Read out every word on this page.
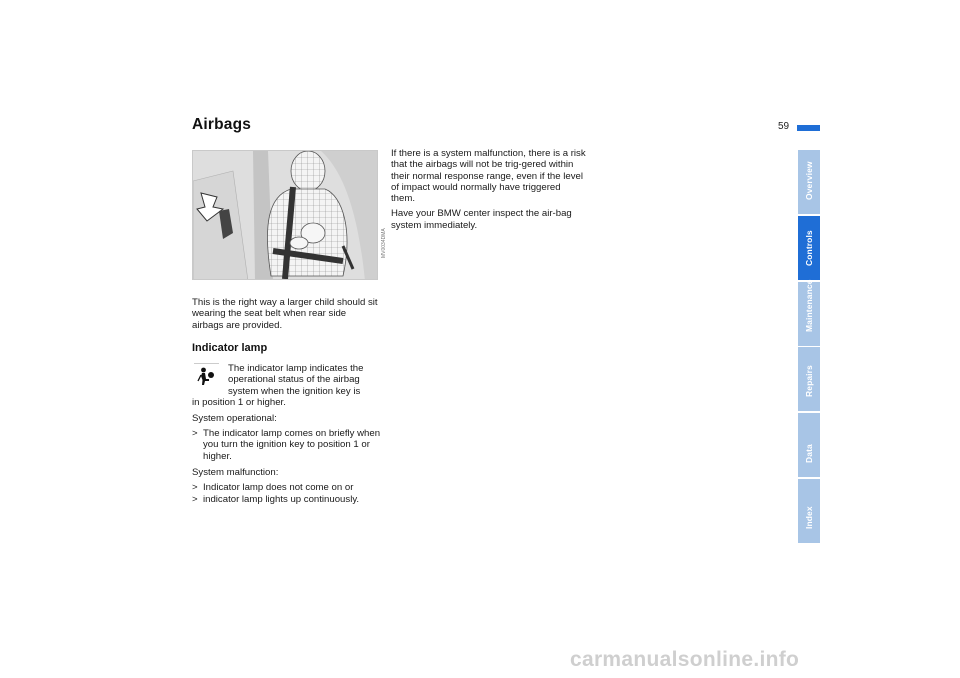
Airbags	59
Overview
Controls
Maintenance
Repairs
Data
Index
MV0034DMA
This is the right way a larger child should sit wearing the seat belt when rear side airbags are provided.
Indicator lamp
The indicator lamp indicates the operational status of the airbag system when the ignition key is
in position 1 or higher.
System operational:
> The indicator lamp comes on briefly when you turn the ignition key to position 1 or higher.
System malfunction:
> Indicator lamp does not come on or
> indicator lamp lights up continuously.

If there is a system malfunction, there is a risk that the airbags will not be trig-gered within their normal response range, even if the level of impact would normally have triggered them.

Have your BMW center inspect the air-bag system immediately.

carmanualsonline.info
